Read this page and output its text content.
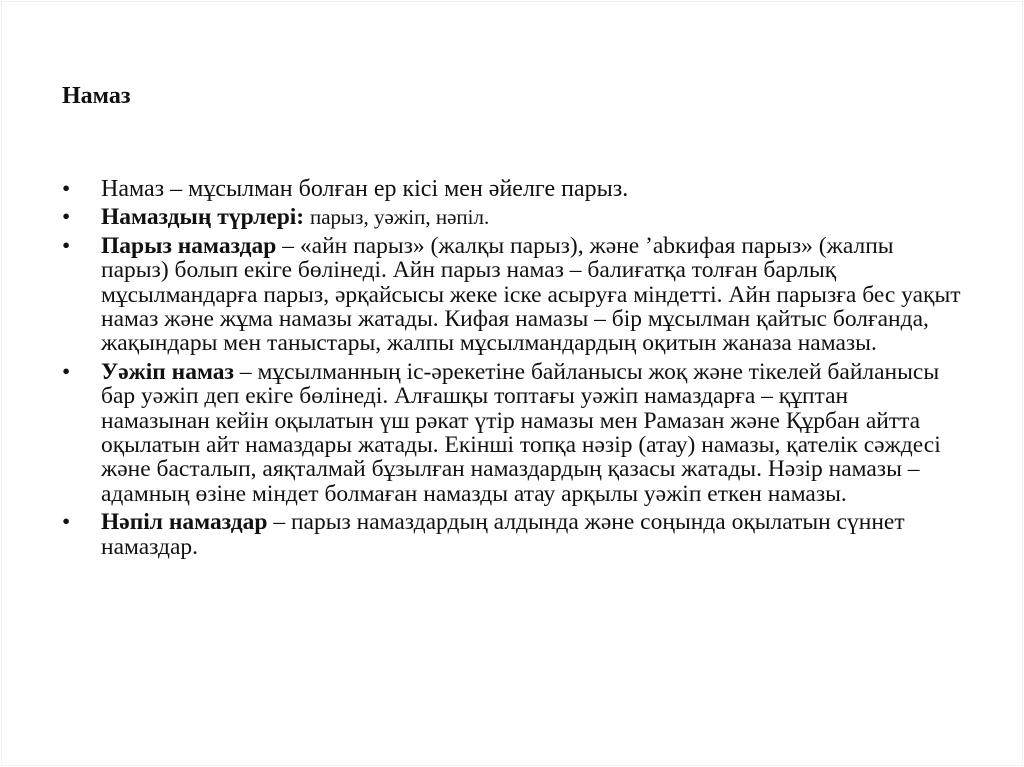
Намаз
•	Намаз – мұсылман болған ер кісі мен әйелге парыз.
•	Намаздың түрлері: парыз, уәжіп, нәпіл.
•	Парыз намаздар – «айн парыз» (жалқы парыз), және ʼаbкифая парыз» (жалпы парыз) болып екіге бөлінеді. Айн парыз намаз – балиғатқа толған барлық мұсылмандарға парыз, әрқайсысы жеке іске асыруға міндетті. Айн парызға бес уақыт намаз және жұма намазы жатады. Кифая намазы – бір мұсылман қайтыс болғанда, жақындары мен таныстары, жалпы мұсылмандардың оқитын жаназа намазы.
•	Уәжіп намаз – мұсылманның іс-әрекетіне байланысы жоқ және тікелей байланысы бар уәжіп деп екіге бөлінеді. Алғашқы топтағы уәжіп намаздарға – құптан намазынан кейін оқылатын үш рәкат үтір намазы мен Рамазан және Құрбан айтта оқылатын айт намаздары жатады. Екінші топқа нәзір (атау) намазы, қателік сәждесі және басталып, аяқталмай бұзылған намаздардың қазасы жатады. Нәзір намазы – адамның өзіне міндет болмаған намазды атау арқылы уәжіп еткен намазы.
•	Нәпіл намаздар – парыз намаздардың алдында және соңында оқылатын сүннет намаздар.
